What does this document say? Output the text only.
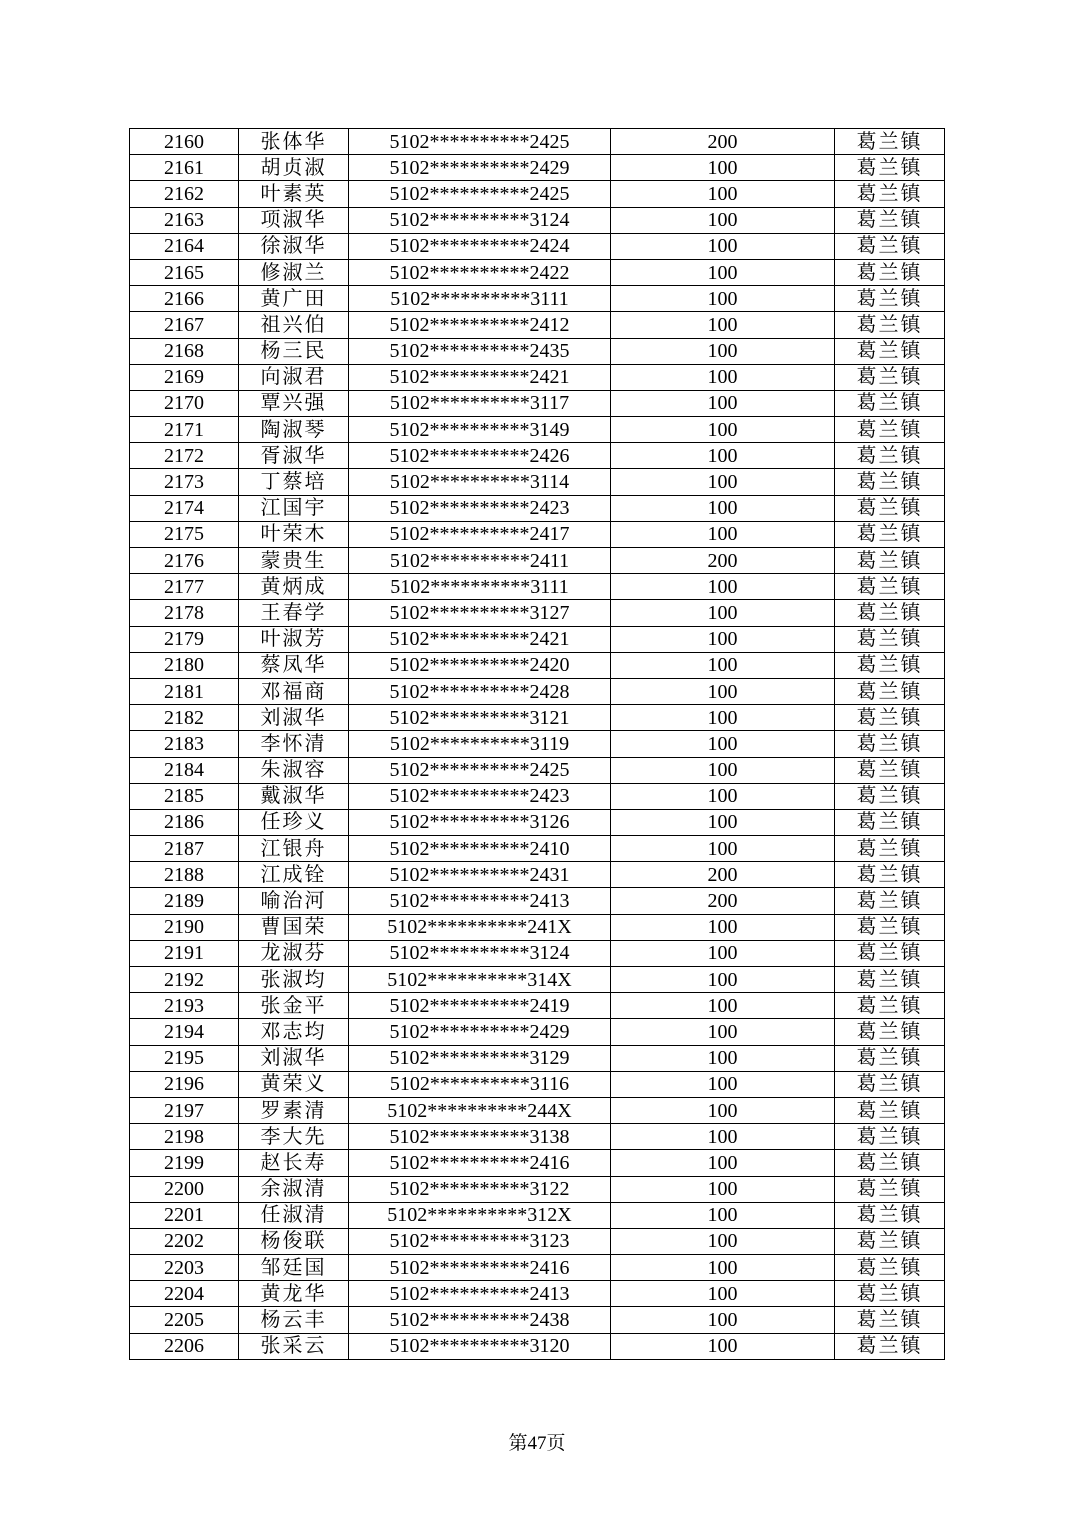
2160	张体华	5102**********2425	200	葛兰镇
2161	胡贞淑	5102**********2429	100	葛兰镇
2162	叶素英	5102**********2425	100	葛兰镇
2163	项淑华	5102**********3124	100	葛兰镇
2164	徐淑华	5102**********2424	100	葛兰镇
2165	修淑兰	5102**********2422	100	葛兰镇
2166	黄广田	5102**********3111	100	葛兰镇
2167	祖兴伯	5102**********2412	100	葛兰镇
2168	杨三民	5102**********2435	100	葛兰镇
2169	向淑君	5102**********2421	100	葛兰镇
2170	覃兴强	5102**********3117	100	葛兰镇
2171	陶淑琴	5102**********3149	100	葛兰镇
2172	胥淑华	5102**********2426	100	葛兰镇
2173	丁蔡培	5102**********3114	100	葛兰镇
2174	江国宇	5102**********2423	100	葛兰镇
2175	叶荣木	5102**********2417	100	葛兰镇
2176	蒙贵生	5102**********2411	200	葛兰镇
2177	黄炳成	5102**********3111	100	葛兰镇
2178	王春学	5102**********3127	100	葛兰镇
2179	叶淑芳	5102**********2421	100	葛兰镇
2180	蔡凤华	5102**********2420	100	葛兰镇
2181	邓福商	5102**********2428	100	葛兰镇
2182	刘淑华	5102**********3121	100	葛兰镇
2183	李怀清	5102**********3119	100	葛兰镇
2184	朱淑容	5102**********2425	100	葛兰镇
2185	戴淑华	5102**********2423	100	葛兰镇
2186	任珍义	5102**********3126	100	葛兰镇
2187	江银舟	5102**********2410	100	葛兰镇
2188	江成铨	5102**********2431	200	葛兰镇
2189	喻治河	5102**********2413	200	葛兰镇
2190	曹国荣	5102**********241X	100	葛兰镇
2191	龙淑芬	5102**********3124	100	葛兰镇
2192	张淑均	5102**********314X	100	葛兰镇
2193	张金平	5102**********2419	100	葛兰镇
2194	邓志均	5102**********2429	100	葛兰镇
2195	刘淑华	5102**********3129	100	葛兰镇
2196	黄荣义	5102**********3116	100	葛兰镇
2197	罗素清	5102**********244X	100	葛兰镇
2198	李大先	5102**********3138	100	葛兰镇
2199	赵长寿	5102**********2416	100	葛兰镇
2200	余淑清	5102**********3122	100	葛兰镇
2201	任淑清	5102**********312X	100	葛兰镇
2202	杨俊联	5102**********3123	100	葛兰镇
2203	邹廷国	5102**********2416	100	葛兰镇
2204	黄龙华	5102**********2413	100	葛兰镇
2205	杨云丰	5102**********2438	100	葛兰镇
2206	张采云	5102**********3120	100	葛兰镇
第47页
